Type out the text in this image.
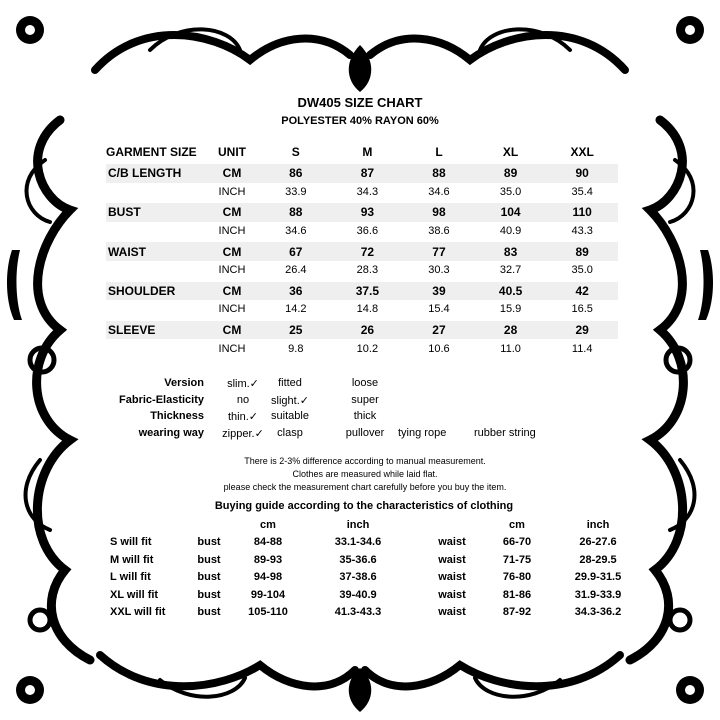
DW405 SIZE CHART
POLYESTER 40% RAYON 60%
GARMENT SIZE	UNIT	S	M	L	XL	XXL

C/B LENGTH	CM	86	87	88	89	90
	INCH	33.9	34.3	34.6	35.0	35.4

BUST	CM	88	93	98	104	110
	INCH	34.6	36.6	38.6	40.9	43.3

WAIST	CM	67	72	77	83	89
	INCH	26.4	28.3	30.3	32.7	35.0

SHOULDER	CM	36	37.5	39	40.5	42
	INCH	14.2	14.8	15.4	15.9	16.5

SLEEVE	CM	25	26	27	28	29
	INCH	9.8	10.2	10.6	11.0	11.4
Version	slim.✓	fitted	loose
Fabric-Elasticity	no	slight.✓	super
Thickness	thin.✓	suitable	thick
wearing way	zipper.✓	clasp	pullover	tying rope	rubber string
There is 2-3% difference according to manual measurement.
Clothes are measured while laid flat.
please check the measurement chart carefully before you buy the item.
Buying guide according to the characteristics of clothing
		cm	inch		cm	inch
S will fit	bust	84-88	33.1-34.6	waist	66-70	26-27.6
M will fit	bust	89-93	35-36.6	waist	71-75	28-29.5
L will fit	bust	94-98	37-38.6	waist	76-80	29.9-31.5
XL will fit	bust	99-104	39-40.9	waist	81-86	31.9-33.9
XXL will fit	bust	105-110	41.3-43.3	waist	87-92	34.3-36.2
